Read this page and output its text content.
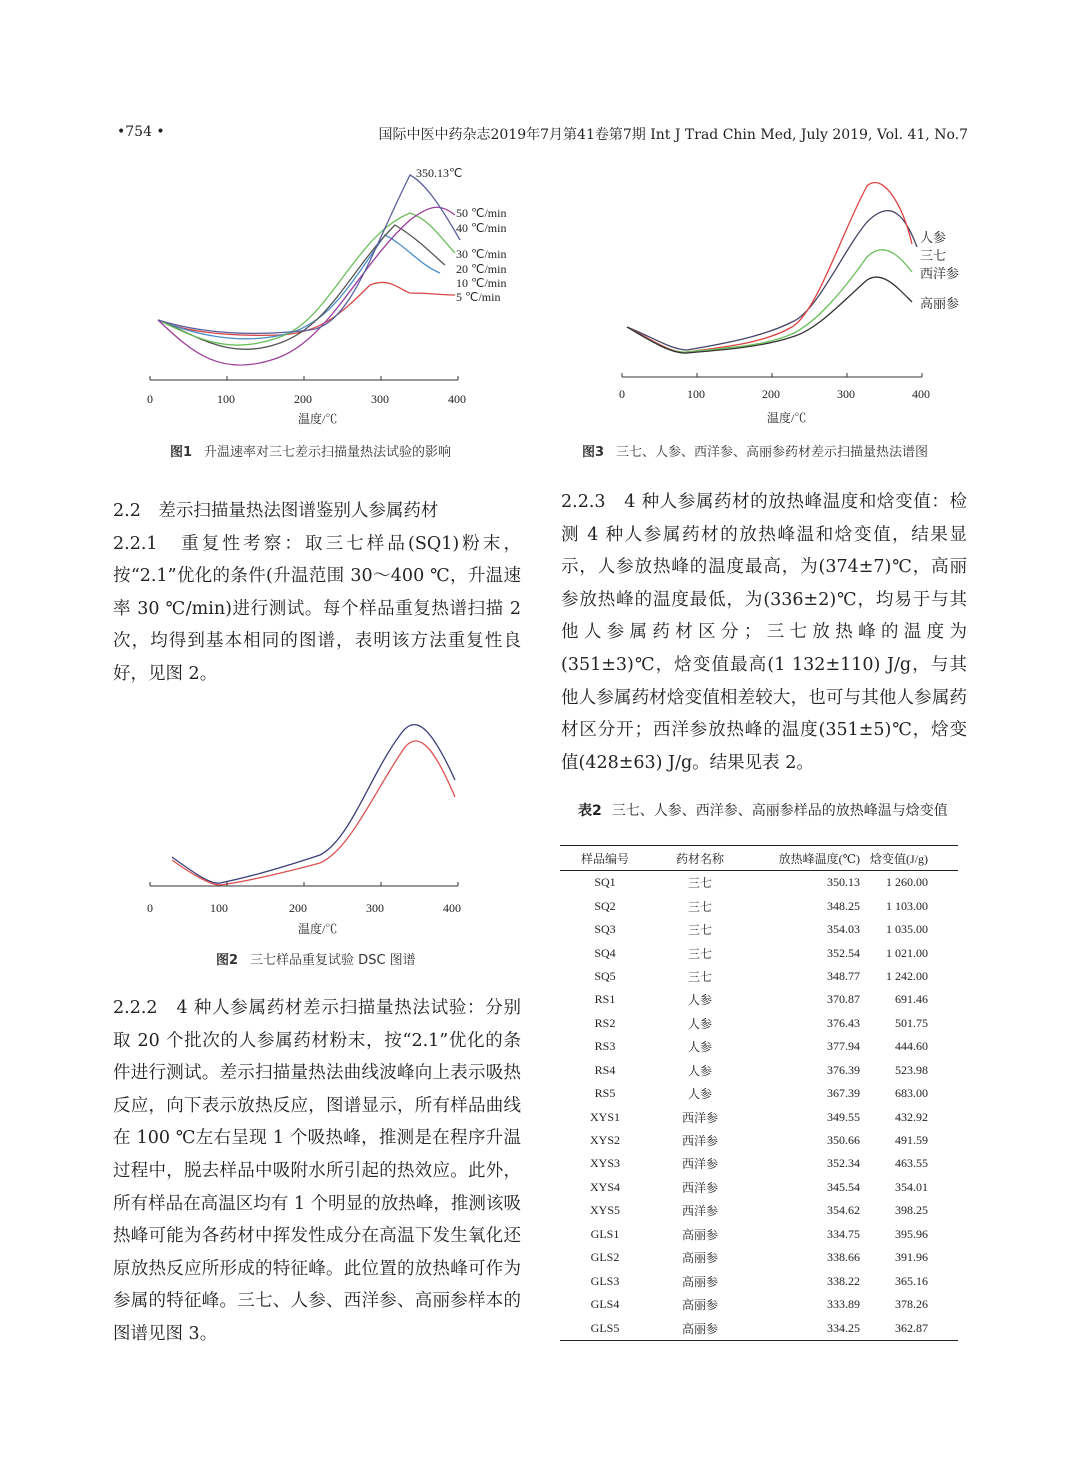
•754 •	国际中医中药杂志2019年7月第41卷第7期 Int J Trad Chin Med, July 2019, Vol. 41, No.7
350.13℃
50 ℃/min
40 ℃/min
30 ℃/min
20 ℃/min
10 ℃/min
5 ℃/min
0	100	200	300	400
温度/℃
图1 升温速率对三七差示扫描量热法试验的影响
人参
三七
西洋参
高丽参
0	100	200	300	400
温度/℃
图3 三七、人参、西洋参、高丽参药材差示扫描量热法谱图

2.2　差示扫描量热法图谱鉴别人参属药材

2.2.1　重复性考察：取三七样品(SQ1)粉末，按“2.1”优化的条件(升温范围 30～400 ℃，升温速率 30 ℃/min)进行测试。每个样品重复热谱扫描 2 次，均得到基本相同的图谱，表明该方法重复性良好，见图 2。

0	100	200	300	400
温度/℃
图2 三七样品重复试验 DSC 图谱

2.2.2　4 种人参属药材差示扫描量热法试验：分别取 20 个批次的人参属药材粉末，按“2.1”优化的条件进行测试。差示扫描量热法曲线波峰向上表示吸热反应，向下表示放热反应，图谱显示，所有样品曲线在 100 ℃左右呈现 1 个吸热峰，推测是在程序升温过程中，脱去样品中吸附水所引起的热效应。此外，所有样品在高温区均有 1 个明显的放热峰，推测该吸热峰可能为各药材中挥发性成分在高温下发生氧化还原放热反应所形成的特征峰。此位置的放热峰可作为参属的特征峰。三七、人参、西洋参、高丽参样本的图谱见图 3。

2.2.3　4 种人参属药材的放热峰温度和焓变值：检测 4 种人参属药材的放热峰温和焓变值，结果显示，人参放热峰的温度最高，为(374±7)℃，高丽参放热峰的温度最低，为(336±2)℃，均易于与其他人参属药材区分；三七放热峰的温度为(351±3)℃，焓变值最高(1 132±110) J/g，与其他人参属药材焓变值相差较大，也可与其他人参属药材区分开；西洋参放热峰的温度(351±5)℃，焓变值(428±63) J/g。结果见表 2。

表2 三七、人参、西洋参、高丽参样品的放热峰温与焓变值
样品编号	药材名称	放热峰温度(℃)	焓变值(J/g)
SQ1	三七	350.13	1 260.00
SQ2	三七	348.25	1 103.00
SQ3	三七	354.03	1 035.00
SQ4	三七	352.54	1 021.00
SQ5	三七	348.77	1 242.00
RS1	人参	370.87	691.46
RS2	人参	376.43	501.75
RS3	人参	377.94	444.60
RS4	人参	376.39	523.98
RS5	人参	367.39	683.00
XYS1	西洋参	349.55	432.92
XYS2	西洋参	350.66	491.59
XYS3	西洋参	352.34	463.55
XYS4	西洋参	345.54	354.01
XYS5	西洋参	354.62	398.25
GLS1	高丽参	334.75	395.96
GLS2	高丽参	338.66	391.96
GLS3	高丽参	338.22	365.16
GLS4	高丽参	333.89	378.26
GLS5	高丽参	334.25	362.87
